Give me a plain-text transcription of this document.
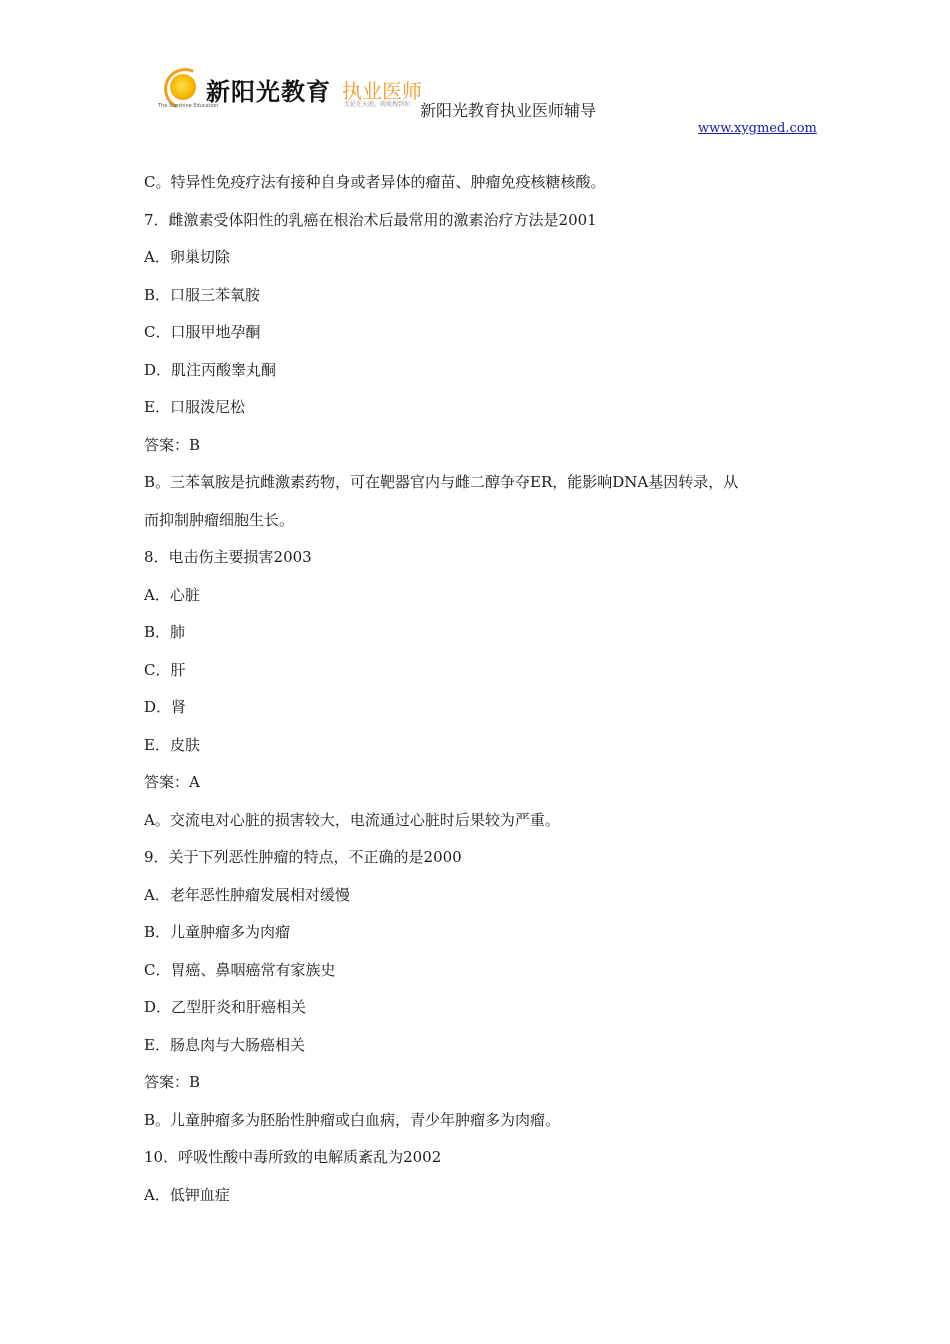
The Sunshine Education
新阳光教育 执业医师
无论在天涯，就能搜到你 新阳光教育执业医师辅导
www.xygmed.com
C。特异性免疫疗法有接种自身或者异体的瘤苗、肿瘤免疫核糖核酸。
7．雌激素受体阳性的乳癌在根治术后最常用的激素治疗方法是2001
A．卵巢切除
B．口服三苯氧胺
C．口服甲地孕酮
D．肌注丙酸睾丸酮
E．口服泼尼松
答案：B
B。三苯氧胺是抗雌激素药物，可在靶器官内与雌二醇争夺ER，能影响DNA基因转录，从
而抑制肿瘤细胞生长。
8．电击伤主要损害2003
A．心脏
B．肺
C．肝
D．肾
E．皮肤
答案：A
A。交流电对心脏的损害较大，电流通过心脏时后果较为严重。
9．关于下列恶性肿瘤的特点，不正确的是2000
A．老年恶性肿瘤发展相对缓慢
B．儿童肿瘤多为肉瘤
C．胃癌、鼻咽癌常有家族史
D．乙型肝炎和肝癌相关
E．肠息肉与大肠癌相关
答案：B
B。儿童肿瘤多为胚胎性肿瘤或白血病，青少年肿瘤多为肉瘤。
10．呼吸性酸中毒所致的电解质紊乱为2002
A．低钾血症
